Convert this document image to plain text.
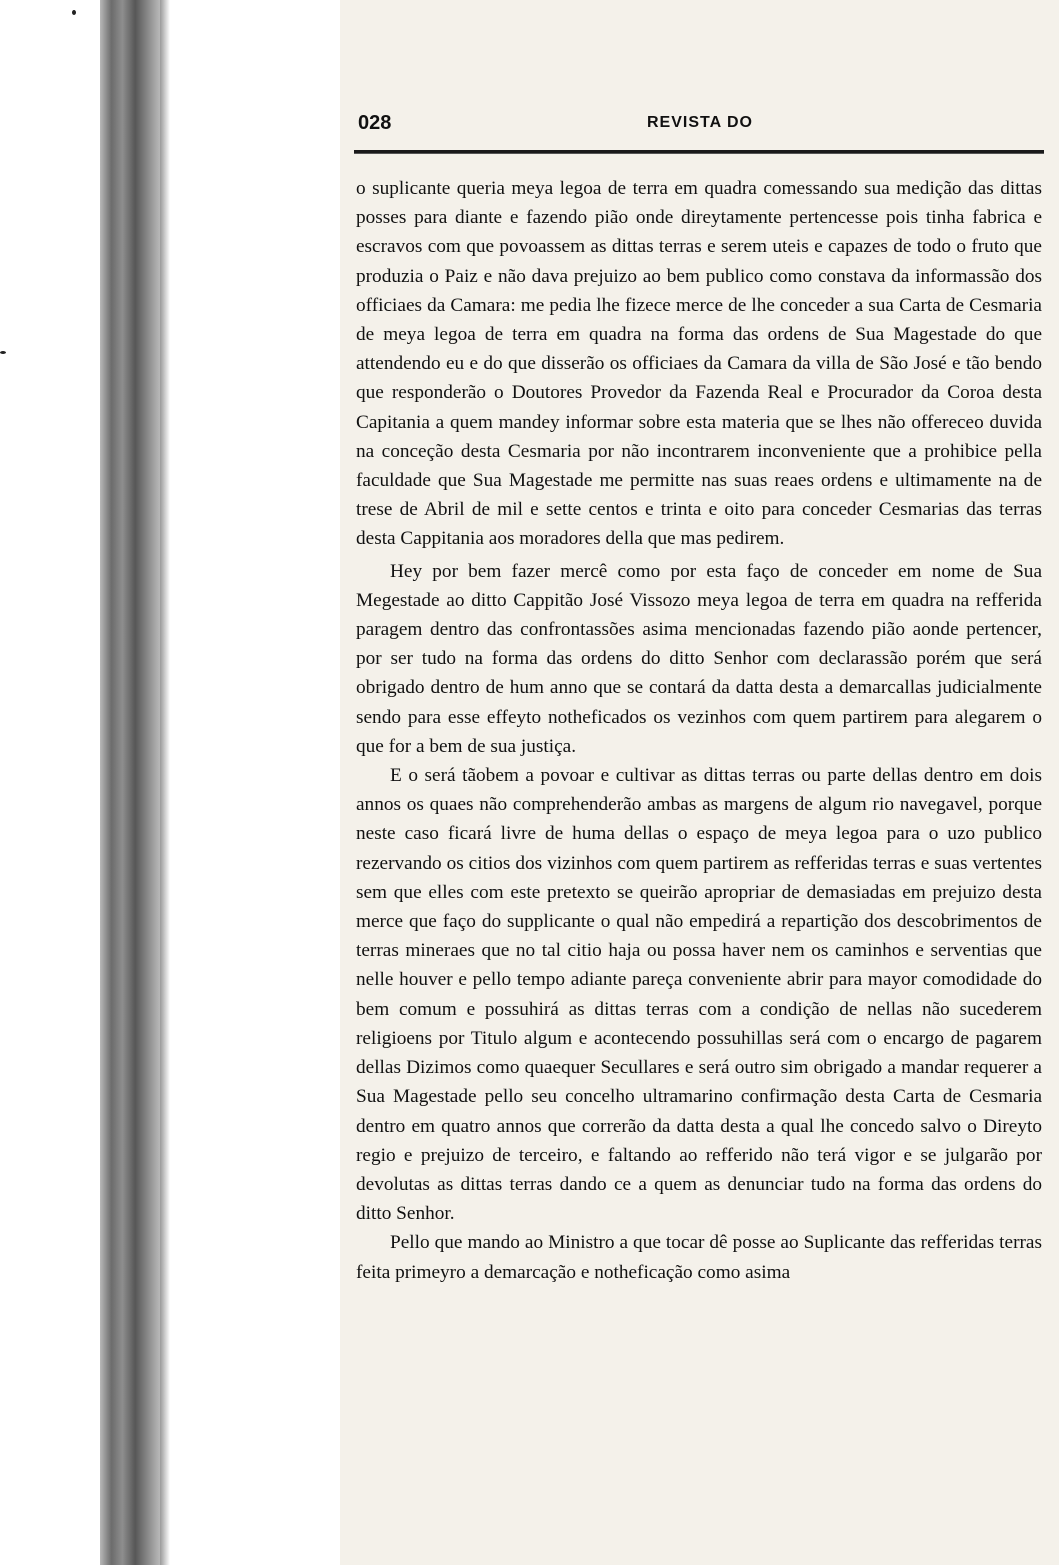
028	REVISTA DO

o suplicante queria meya legoa de terra em quadra comessando sua medição das dittas posses para diante e fazendo pião onde direytamente pertencesse pois tinha fabrica e escravos com que povoassem as dittas terras e serem uteis e capazes de todo o fruto que produzia o Paiz e não dava prejuizo ao bem publico como constava da informassão dos officiaes da Camara: me pedia lhe fizece merce de lhe conceder a sua Carta de Cesmaria de meya legoa de terra em quadra na forma das ordens de Sua Magestade do que attendendo eu e do que disserão os officiaes da Camara da villa de São José e tão bendo que responderão o Doutores Provedor da Fazenda Real e Procurador da Coroa desta Capitania a quem mandey informar sobre esta materia que se lhes não offereceo duvida na conceção desta Cesmaria por não incontrarem inconveniente que a prohibice pella faculdade que Sua Magestade me permitte nas suas reaes ordens e ultimamente na de trese de Abril de mil e sette centos e trinta e oito para conceder Cesmarias das terras desta Cappitania aos moradores della que mas pedirem.

Hey por bem fazer mercê como por esta faço de conceder em nome de Sua Megestade ao ditto Cappitão José Vissozo meya legoa de terra em quadra na refferida paragem dentro das confrontassões asima mencionadas fazendo pião aonde pertencer, por ser tudo na forma das ordens do ditto Senhor com declarassão porém que será obrigado dentro de hum anno que se contará da datta desta a demarcallas judicialmente sendo para esse effeyto notheficados os vezinhos com quem partirem para alegarem o que for a bem de sua justiça.

E o será tãobem a povoar e cultivar as dittas terras ou parte dellas dentro em dois annos os quaes não comprehenderão ambas as margens de algum rio navegavel, porque neste caso ficará livre de huma dellas o espaço de meya legoa para o uzo publico rezervando os citios dos vizinhos com quem partirem as refferidas terras e suas vertentes sem que elles com este pretexto se queirão apropriar de demasiadas em prejuizo desta merce que faço do supplicante o qual não empedirá a repartição dos descobrimentos de terras mineraes que no tal citio haja ou possa haver nem os caminhos e serventias que nelle houver e pello tempo adiante pareça conveniente abrir para mayor comodidade do bem comum e possuhirá as dittas terras com a condição de nellas não sucederem religioens por Titulo algum e acontecendo possuhillas será com o encargo de pagarem dellas Dizimos como quaequer Secullares e será outro sim obrigado a mandar requerer a Sua Magestade pello seu concelho ultramarino confirmação desta Carta de Cesmaria dentro em quatro annos que correrão da datta desta a qual lhe concedo salvo o Direyto regio e prejuizo de terceiro, e faltando ao refferido não terá vigor e se julgarão por devolutas as dittas terras dando ce a quem as denunciar tudo na forma das ordens do ditto Senhor.

Pello que mando ao Ministro a que tocar dê posse ao Suplicante das refferidas terras feita primeyro a demarcação e notheficação como asima
